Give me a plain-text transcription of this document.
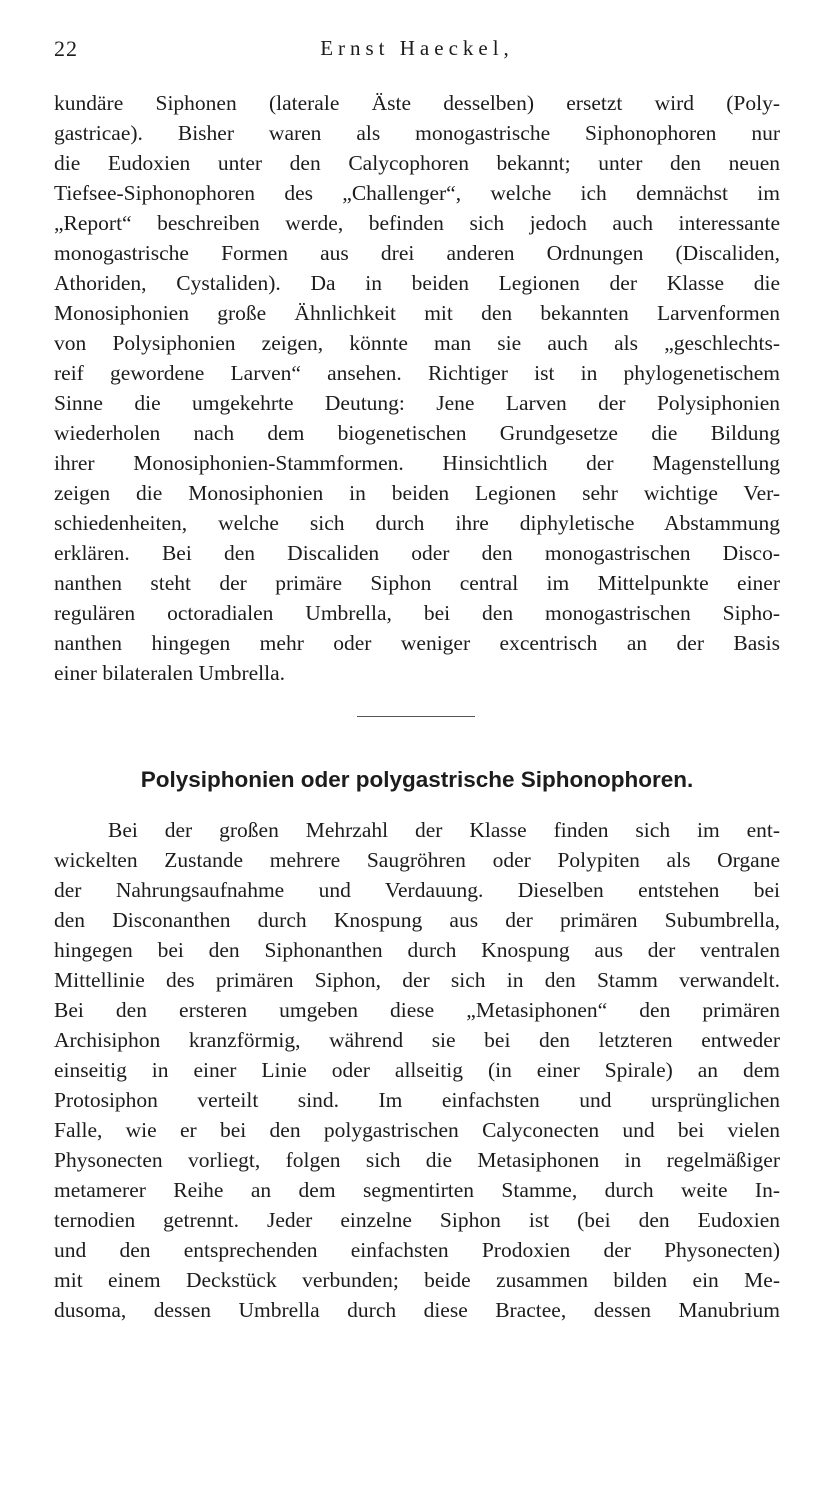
22	Ernst Haeckel,
kundäre Siphonen (laterale Äste desselben) ersetzt wird (Poly-
gastricae). Bisher waren als monogastrische Siphonophoren nur
die Eudoxien unter den Calycophoren bekannt; unter den neuen
Tiefsee-Siphonophoren des „Challenger“, welche ich demnächst im
„Report“ beschreiben werde, befinden sich jedoch auch interessante
monogastrische Formen aus drei anderen Ordnungen (Discaliden,
Athoriden, Cystaliden). Da in beiden Legionen der Klasse die
Monosiphonien große Ähnlichkeit mit den bekannten Larvenformen
von Polysiphonien zeigen, könnte man sie auch als „geschlechts-
reif gewordene Larven“ ansehen. Richtiger ist in phylogenetischem
Sinne die umgekehrte Deutung: Jene Larven der Polysiphonien
wiederholen nach dem biogenetischen Grundgesetze die Bildung
ihrer Monosiphonien-Stammformen. Hinsichtlich der Magenstellung
zeigen die Monosiphonien in beiden Legionen sehr wichtige Ver-
schiedenheiten, welche sich durch ihre diphyletische Abstammung
erklären. Bei den Discaliden oder den monogastrischen Disco-
nanthen steht der primäre Siphon central im Mittelpunkte einer
regulären octoradialen Umbrella, bei den monogastrischen Sipho-
nanthen hingegen mehr oder weniger excentrisch an der Basis
einer bilateralen Umbrella.
Polysiphonien oder polygastrische Siphonophoren.
Bei der großen Mehrzahl der Klasse finden sich im ent-
wickelten Zustande mehrere Saugröhren oder Polypiten als Organe
der Nahrungsaufnahme und Verdauung. Dieselben entstehen bei
den Disconanthen durch Knospung aus der primären Subumbrella,
hingegen bei den Siphonanthen durch Knospung aus der ventralen
Mittellinie des primären Siphon, der sich in den Stamm verwandelt.
Bei den ersteren umgeben diese „Metasiphonen“ den primären
Archisiphon kranzförmig, während sie bei den letzteren entweder
einseitig in einer Linie oder allseitig (in einer Spirale) an dem
Protosiphon verteilt sind. Im einfachsten und ursprünglichen
Falle, wie er bei den polygastrischen Calyconecten und bei vielen
Physonecten vorliegt, folgen sich die Metasiphonen in regelmäßiger
metamerer Reihe an dem segmentirten Stamme, durch weite In-
ternodien getrennt. Jeder einzelne Siphon ist (bei den Eudoxien
und den entsprechenden einfachsten Prodoxien der Physonecten)
mit einem Deckstück verbunden; beide zusammen bilden ein Me-
dusoma, dessen Umbrella durch diese Bractee, dessen Manubrium
